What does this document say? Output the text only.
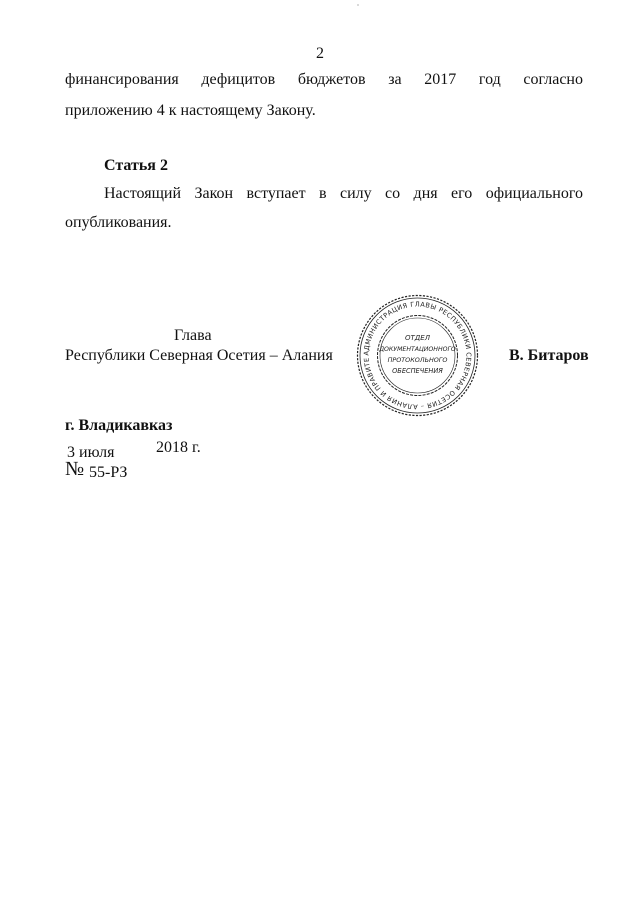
2
финансирования дефицитов бюджетов за 2017 год согласно
приложению 4 к настоящему Закону.
Статья 2
Настоящий Закон вступает в силу со дня его официального
опубликования.
Глава
Республики Северная Осетия – Алания	В. Битаров
АДМИНИСТРАЦИЯ ГЛАВЫ РЕСПУБЛИКИ СЕВЕРНАЯ ОСЕТИЯ – АЛАНИЯ И ПРАВИТЕ
ОТДЕЛ
ДОКУМЕНТАЦИОННОГО
ПРОТОКОЛЬНОГО
ОБЕСПЕЧЕНИЯ
г. Владикавказ
3 июля	2018 г.
№ 55-РЗ
